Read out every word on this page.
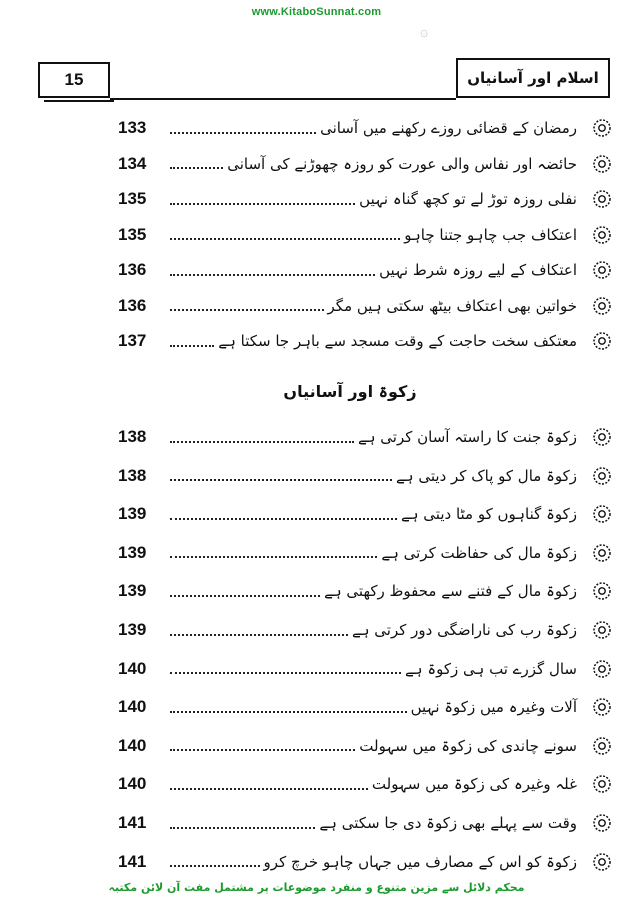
www.KitaboSunnat.com
۞
15	اسلام اور آسانیاں
133	رمضان کے قضائی روزے رکھنے میں آسانی
134	حائضہ اور نفاس والی عورت کو روزہ چھوڑنے کی آسانی
135	نفلی روزہ توڑ لے تو کچھ گناہ نہیں
135	اعتکاف جب چاہو جتنا چاہو
136	اعتکاف کے لیے روزہ شرط نہیں
136	خواتین بھی اعتکاف بیٹھ سکتی ہیں مگر
137	معتکف سخت حاجت کے وقت مسجد سے باہر جا سکتا ہے
138	زکوۃ جنت کا راستہ آسان کرتی ہے
138	زکوۃ مال کو پاک کر دیتی ہے
139	زکوۃ گناہوں کو مٹا دیتی ہے
139	زکوۃ مال کی حفاظت کرتی ہے
139	زکوۃ مال کے فتنے سے محفوظ رکھتی ہے
139	زکوۃ رب کی ناراضگی دور کرتی ہے
140	سال گزرے تب ہی زکوۃ ہے
140	آلات وغیرہ میں زکوۃ نہیں
140	سونے چاندی کی زکوۃ میں سہولت
140	غلہ وغیرہ کی زکوۃ میں سہولت
141	وقت سے پہلے بھی زکوۃ دی جا سکتی ہے
141	زکوۃ کو اس کے مصارف میں جہاں چاہو خرچ کرو
زکوۃ اور آسانیاں
محکم دلائل سے مزین متنوع و منفرد موضوعات پر مشتمل مفت آن لائن مکتبہ
